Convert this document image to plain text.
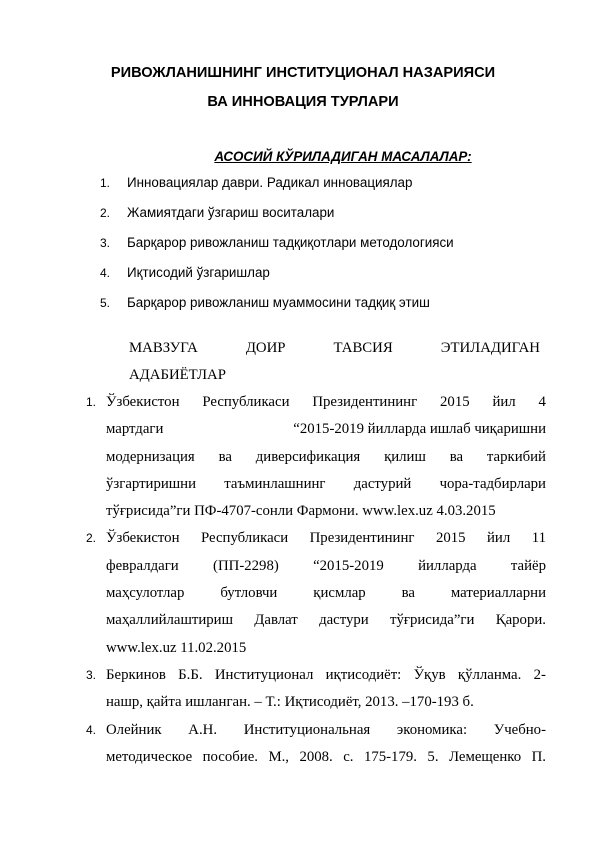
РИВОЖЛАНИШНИНГ ИНСТИТУЦИОНАЛ НАЗАРИЯСИ
ВА ИННОВАЦИЯ ТУРЛАРИ
АСОСИЙ КЎРИЛАДИГАН МАСАЛАЛАР:
1. Инновациялар даври. Радикал инновациялар
2. Жамиятдаги ўзгариш воситалари
3. Барқарор ривожланиш тадқиқотлари методологияси
4. Иқтисодий ўзгаришлар
5. Барқарор ривожланиш муаммосини тадқиқ этиш
МАВЗУГА	ДОИР	ТАВСИЯ	ЭТИЛАДИГАН
АДАБИЁТЛАР
1. Ўзбекистон Республикаси Президентининг 2015 йил 4
мартдаги	“2015-2019 йилларда ишлаб чиқаришни
модернизация ва диверсификация қилиш ва таркибий
ўзгартиришни таъминлашнинг дастурий чора-тадбирлари
тўғрисида”ги ПФ-4707-сонли Фармони. www.lex.uz 4.03.2015
2. Ўзбекистон Республикаси Президентининг 2015 йил 11
февралдаги (ПП-2298) “2015-2019 йилларда тайёр
маҳсулотлар бутловчи қисмлар ва материалларни
маҳаллийлаштириш Давлат дастури тўғрисида”ги Қарори.
www.lex.uz 11.02.2015
3. Беркинов Б.Б. Институционал иқтисодиёт: Ўқув қўлланма. 2-
нашр, қайта ишланган. – Т.: Иқтисодиёт, 2013. –170-193 б.
4. Олейник А.Н. Институциональная экономика: Учебно-
методическое пособие. М., 2008. с. 175-179. 5. Лемещенко П.
